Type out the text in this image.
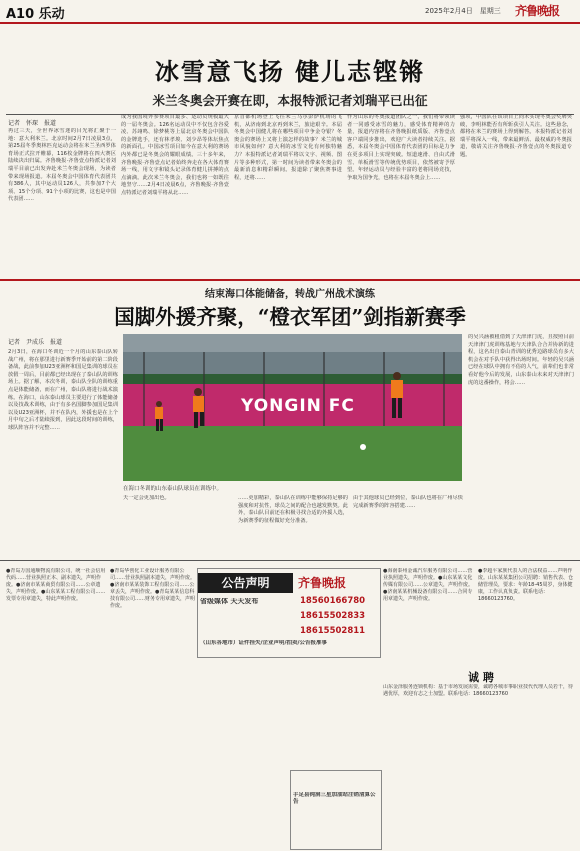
A10 乐动	2025年2月4日　星期三 齐鲁晚报
冰雪意飞扬 健儿志铿锵
米兰冬奥会开赛在即，本报特派记者刘瑞平已出征
记者　怀琛　报道
再过三天，全世界冰雪迷的目光将汇聚于一地：意大利米兰。北京时间2月7日凌晨3点，第25届冬季奥林匹克运动会将在米兰圣西罗体育场正式拉开帷幕，116枚金牌将在四大赛区陆续决出归属。齐鲁晚报·齐鲁壹点特派记者刘瑞平目前已出发奔赴米兰冬奥会现场，为读者带来现场报道。本届冬奥会中国体育代表团共有386人，其中运动员126人，共参加7个大项、15个分项、91个小项的比赛，这也是中国代表团……
成为我国境外参赛项目最多、运动员规模最大的一届冬奥会。126名运动员中不仅包含谷爱凌、苏翊鸣、徐梦桃等上届北京冬奥会中国队的金牌选手，还有林孝埈、刘少昂等体坛焦点的新面孔。中国冰雪项目如今在意大利的赛场内外都已是冬奥会的耀眼成绩。三十多年来，齐鲁晚报·齐鲁壹点记者始终奔走在各大体育赛场一线，用文字和镜头记录体育健儿拼搏的点点滴滴。此次米兰冬奥会，我们也将一如既往地坚守……2月4日凌晨6点，齐鲁晚报·齐鲁壹点特派记者刘瑞平将从北……
京首都机场登上飞往米兰马尔彭萨机场的飞机，从济南到北京再到米兰，旅途艰辛。本届冬奥会中国健儿将在哪些项目中争金夺银？冬奥会的赛场上又将上演怎样的故事？米兰的城市风貌如何？意大利的冰雪文化有何独特魅力？本报特派记者刘瑞平将以文字、视频、图片等多种形式，第一时间为读者带来冬奥会的最新消息和精彩瞬间。报道除了聚焦赛事进程，还将……
作为山东的冬奥报道团队之一，我们将带领读者一同感受冰雪的魅力，感受体育精神的力量，报道内容将在齐鲁晚报纸质版、齐鲁壹点客户端同步推出，欢迎广大读者持续关注。据悉，本届冬奥会中国体育代表团的目标是力争在更多项目上实现突破。短道速滑、自由式滑雪、单板滑雪等传统优势项目，依然被寄予厚望。年轻运动员与经验丰富的老将同场竞技，争取为国争光，也将在本届冬奥会上……
强项，中国队在该项目上尚未实现冬奥会奖牌突破，李明林能否有所斩获引人关注。这些悬念，都将在米兰的赛场上得到解答。本报特派记者刘瑞平将深入一线，带来最鲜活、最权威的冬奥报道，敬请关注齐鲁晚报·齐鲁壹点的冬奥报道专题。
结束海口体能储备，转战广州战术演练
国脚外援齐聚，“橙衣军团”剑指新赛季
记者　尹成乐　报道
2月3日，在海口冬训近一个月的山东泰山队转战广州，将在那里进行新赛季开始前的第二阶段备战，此前参加U23亚洲杯和国足集训的球员在放假一周后，目前都已经出现在了泰山队的训练场上。据了解，本次冬训，泰山队全队的训练重点是体能储备，而在广州，泰山队将进行战术演练。在海口，山东泰山球员主要进行了体能储备以及技战术训练，由于有多名国脚参加国足集训以及U23亚洲杯，并不在队内，外援也是在上个月中旬之后才陆续报到，因此这段时间的训练，球队阵容并不完整……
的吴兴涵被租借到了天津津门虎，且按照目前天津津门虎训练基地与天津队合合并协新的进程，这名出自泰山青训的优秀边路球员有多大机会在对手队中获得出场时间。年轻的吴兴涵已经在球队中拥有不俗的人气，前辈们也非常看好他今后的发展，山东泰山未来对天津津门虎的这番操作，将会……
YONGIN FC
在海口冬训的山东泰山队球员在训练中。
天一定会更加出色。	……更加精彩，泰山队在训练中能够保持足够的强度和对抗性，球员之间的配合也越发默契。此外，泰山队目前还在积极寻找合适的外援人选，为新赛季的征程做好充分准备。
由于其他球员已经到位，泰山队也将在广州尽快完成新赛季的阵容搭建……
●青岛万国通顺物流有限公司，统一社会信用代码……营业执照正本、副本遗失，声明作废。●济南市某某商贸有限公司……公章遗失，声明作废。●山东某某工程有限公司……发票专用章遗失，特此声明作废。
●青岛华创化工业设计服务有限公司……营业执照副本遗失，声明作废。●济南市某某装饰工程有限公司……公章丢失，声明作废。●青岛某某信息科技有限公司……财务专用章遗失，声明作废。
公告声明	齐鲁晚报
18560166780
18615502833
18615502811
省级媒体 天天发布
（山东各地市）证件挂失/企业声明/拍卖/公告报准事
●海南泰州金诚汽车服务有限公司……营业执照遗失，声明作废。●山东某某文化传媒有限公司……公章遗失，声明作废。●济南某某机械设备有限公司……合同专用章遗失，声明作废。
●李超平家族代表人的合法权益……声明作废。山东某某集团公司招聘：销售代表、仓储管理员，要求：年龄18-45周岁，身体健康，工作认真负责。联系电话：18660123760。
诚 聘
山东金泽服务连锁机构：基于市场发展需要，诚聘各城市事职业技代代理人员若干，待遇优厚，欢迎有志之士加盟。联系电话：18660123760
手足县钝洞三星加油站注销清算公告
